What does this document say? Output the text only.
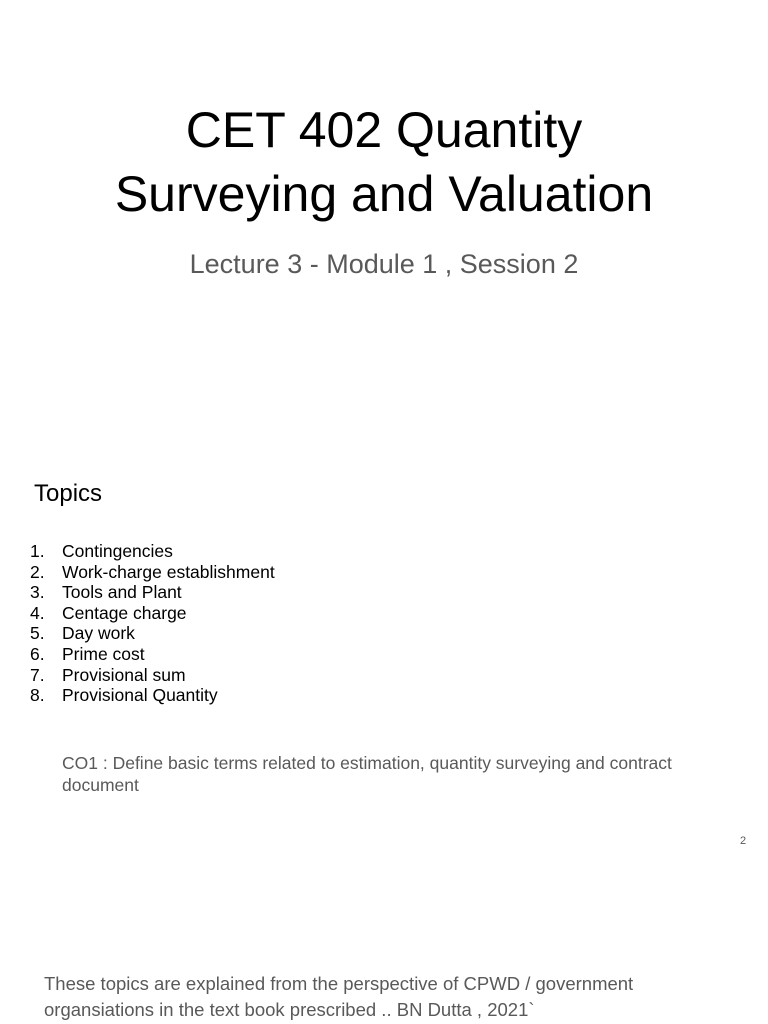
CET 402 Quantity
Surveying and Valuation
Lecture 3 - Module 1 , Session 2
Topics
1. Contingencies
2. Work-charge establishment
3. Tools and Plant
4. Centage charge
5. Day work
6. Prime cost
7. Provisional sum
8. Provisional Quantity
CO1 : Define basic terms related to estimation, quantity surveying and contract document
2
These topics are explained from the perspective of CPWD / government
organsiations in the text book prescribed .. BN Dutta , 2021`
